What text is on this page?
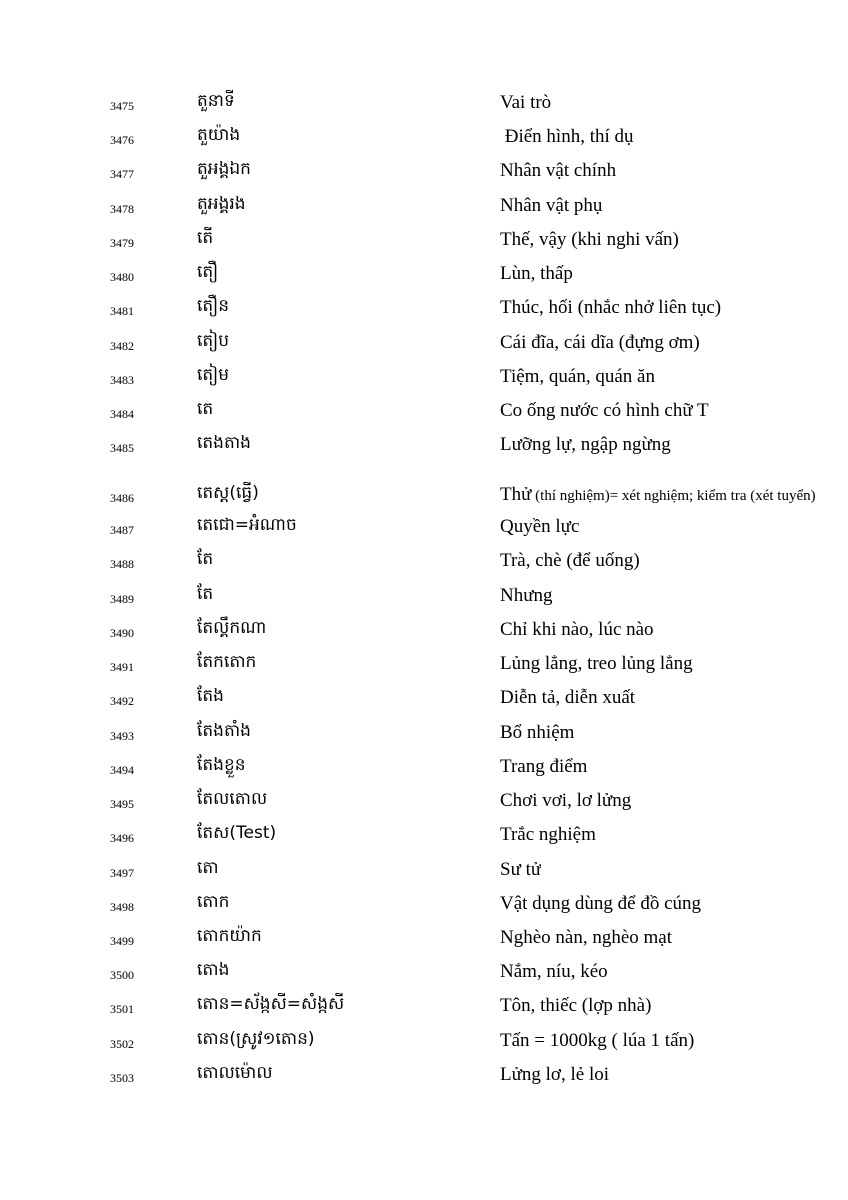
3475	តួនាទី	Vai trò
3476	តួយ៉ាង	Điển hình, thí dụ
3477	តួអង្គឯក	Nhân vật chính
3478	តួអង្គរង	Nhân vật phụ
3479	តើ	Thế, vậy (khi nghi vấn)
3480	តឿ	Lùn, thấp
3481	តឿន	Thúc, hối (nhắc nhở liên tục)
3482	តៀប	Cái đĩa, cái dĩa (đựng ơm)
3483	តៀម	Tiệm, quán, quán ăn
3484	តេ	Co ống nước có hình chữ T
3485	តេងតាង	Lưỡng lự, ngập ngừng
3486	តេស្ត(ធ្វើ)	Thử (thí nghiệm)= xét nghiệm; kiểm tra (xét tuyển)
3487	តេជោ=អំណាច	Quyền lực
3488	តែ	Trà, chè (để uống)
3489	តែ	Nhưng
3490	តែល្គឹកណា	Chỉ khi nào, lúc nào
3491	តែកតោក	Lủng lẳng, treo lủng lẳng
3492	តែង	Diễn tả, diễn xuất
3493	តែងតាំង	Bổ nhiệm
3494	តែងខ្លួន	Trang điểm
3495	តែលតោល	Chơi vơi, lơ lửng
3496	តែស(Test)	Trắc nghiệm
3497	តោ	Sư tử
3498	តោក	Vật dụng dùng để đồ cúng
3499	តោកយ៉ាក	Nghèo nàn, nghèo mạt
3500	តោង	Nắm, níu, kéo
3501	តោន=ស័ង្កសី=សំង្កសី	Tôn, thiếc (lợp nhà)
3502	តោន(ស្រូវ១តោន)	Tấn = 1000kg ( lúa 1 tấn)
3503	តោលម៉ោល	Lửng lơ, lẻ loi
